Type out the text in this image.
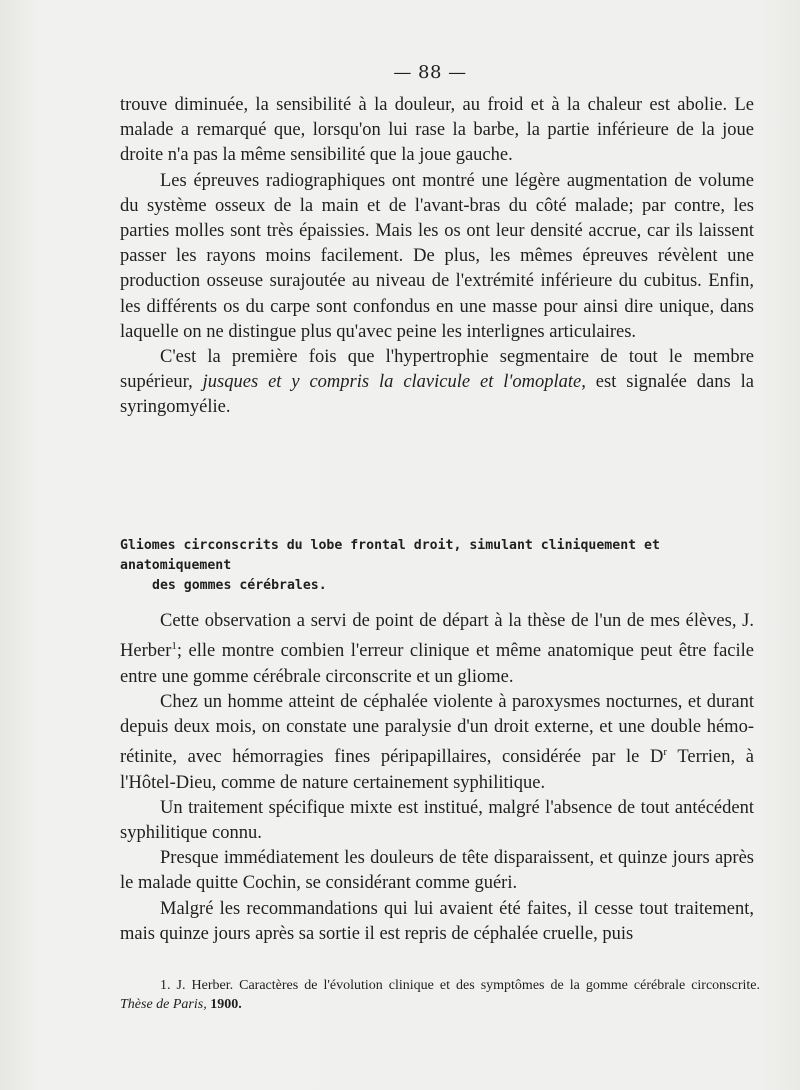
— 88 —

trouve diminuée, la sensibilité à la douleur, au froid et à la chaleur est abolie. Le malade a remarqué que, lorsqu'on lui rase la barbe, la partie inférieure de la joue droite n'a pas la même sensibilité que la joue gauche.

Les épreuves radiographiques ont montré une légère augmentation de volume du système osseux de la main et de l'avant-bras du côté malade; par contre, les parties molles sont très épaissies. Mais les os ont leur densité accrue, car ils laissent passer les rayons moins facilement. De plus, les mêmes épreuves révèlent une production osseuse surajoutée au niveau de l'extrémité inférieure du cubitus. Enfin, les différents os du carpe sont confondus en une masse pour ainsi dire unique, dans laquelle on ne distingue plus qu'avec peine les interlignes articulaires.

C'est la première fois que l'hypertrophie segmentaire de tout le membre supérieur, jusques et y compris la clavicule et l'omoplate, est signalée dans la syringomyélie.

Gliomes circonscrits du lobe frontal droit, simulant cliniquement et anatomiquement
des gommes cérébrales.

Cette observation a servi de point de départ à la thèse de l'un de mes élèves, J. Herber$^1$; elle montre combien l'erreur clinique et même anatomique peut être facile entre une gomme cérébrale circonscrite et un gliome.

Chez un homme atteint de céphalée violente à paroxysmes nocturnes, et durant depuis deux mois, on constate une paralysie d'un droit externe, et une double hémo-rétinite, avec hémorragies fines péripapillaires, considérée par le $D^r$ Terrien, à l'Hôtel-Dieu, comme de nature certainement syphilitique.

Un traitement spécifique mixte est institué, malgré l'absence de tout antécédent syphilitique connu.

Presque immédiatement les douleurs de tête disparaissent, et quinze jours après le malade quitte Cochin, se considérant comme guéri.

Malgré les recommandations qui lui avaient été faites, il cesse tout traitement, mais quinze jours après sa sortie il est repris de céphalée cruelle, puis

1. J. Herber. Caractères de l'évolution clinique et des symptômes de la gomme cérébrale circonscrite. Thèse de Paris, 1900.
